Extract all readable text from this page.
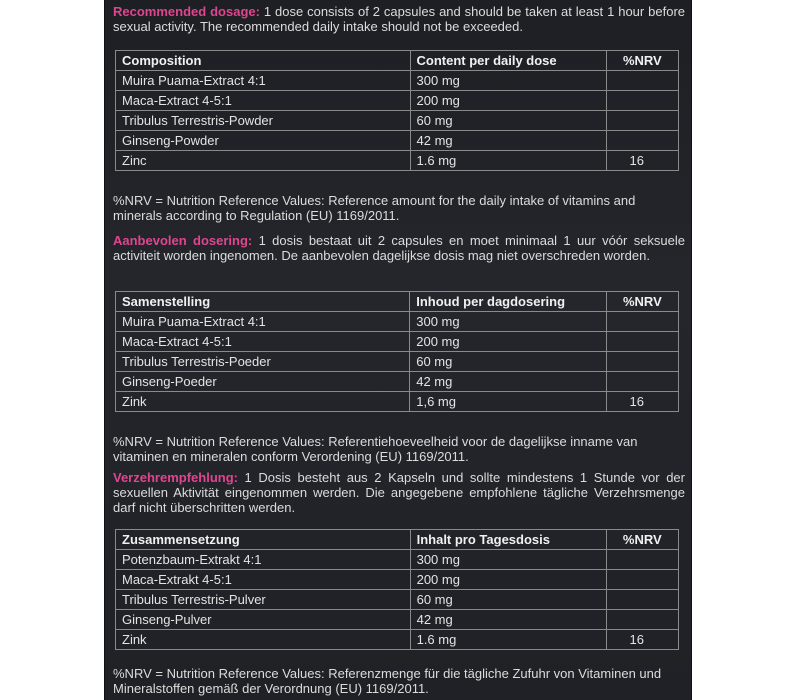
Recommended dosage: 1 dose consists of 2 capsules and should be taken at least 1 hour before sexual activity. The recommended daily intake should not be exceeded.
Composition	Content per daily dose	%NRV
Muira Puama-Extract 4:1	300 mg	
Maca-Extract 4-5:1	200 mg	
Tribulus Terrestris-Powder	60 mg	
Ginseng-Powder	42 mg	
Zinc	1.6 mg	16
%NRV = Nutrition Reference Values: Reference amount for the daily intake of vitamins and minerals according to Regulation (EU) 1169/2011.
Aanbevolen dosering: 1 dosis bestaat uit 2 capsules en moet minimaal 1 uur vóór seksuele activiteit worden ingenomen. De aanbevolen dagelijkse dosis mag niet overschreden worden.
Samenstelling	Inhoud per dagdosering	%NRV
Muira Puama-Extract 4:1	300 mg	
Maca-Extract 4-5:1	200 mg	
Tribulus Terrestris-Poeder	60 mg	
Ginseng-Poeder	42 mg	
Zink	1,6 mg	16
%NRV = Nutrition Reference Values: Referentiehoeveelheid voor de dagelijkse inname van vitaminen en mineralen conform Verordening (EU) 1169/2011.
Verzehrempfehlung: 1 Dosis besteht aus 2 Kapseln und sollte mindestens 1 Stunde vor der sexuellen Aktivität eingenommen werden. Die angegebene empfohlene tägliche Verzehrsmenge darf nicht überschritten werden.
Zusammensetzung	Inhalt pro Tagesdosis	%NRV
Potenzbaum-Extrakt 4:1	300 mg	
Maca-Extrakt 4-5:1	200 mg	
Tribulus Terrestris-Pulver	60 mg	
Ginseng-Pulver	42 mg	
Zink	1.6 mg	16
%NRV = Nutrition Reference Values: Referenzmenge für die tägliche Zufuhr von Vitaminen und Mineralstoffen gemäß der Verordnung (EU) 1169/2011.
